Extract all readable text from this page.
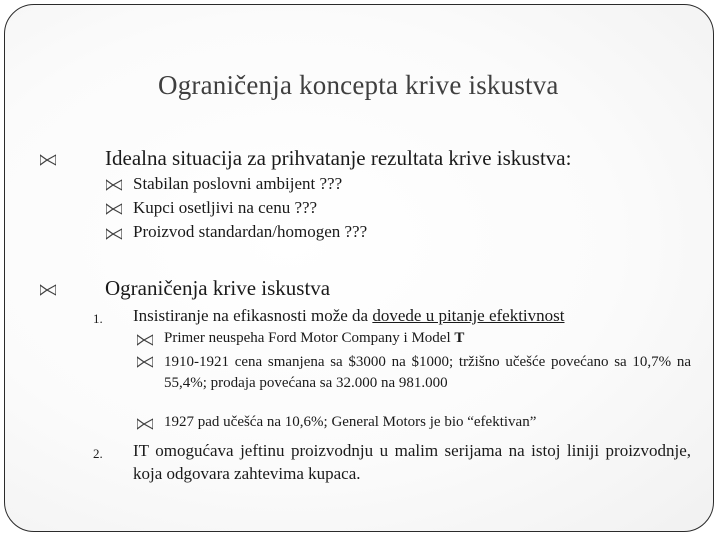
Ograničenja koncepta krive iskustva
Idealna situacija za prihvatanje rezultata krive iskustva:
Stabilan poslovni ambijent ???
Kupci osetljivi na cenu ???
Proizvod standardan/homogen ???
Ograničenja krive iskustva
1. Insistiranje na efikasnosti može da dovede u pitanje efektivnost
Primer neuspeha Ford Motor Company i Model T
1910-1921 cena smanjena sa $3000 na $1000; tržišno učešće povećano sa 10,7% na 55,4%; prodaja povećana sa 32.000 na 981.000
1927 pad učešća na 10,6%; General Motors je bio “efektivan”
2. IT omogućava jeftinu proizvodnju u malim serijama na istoj liniji proizvodnje, koja odgovara zahtevima kupaca.
